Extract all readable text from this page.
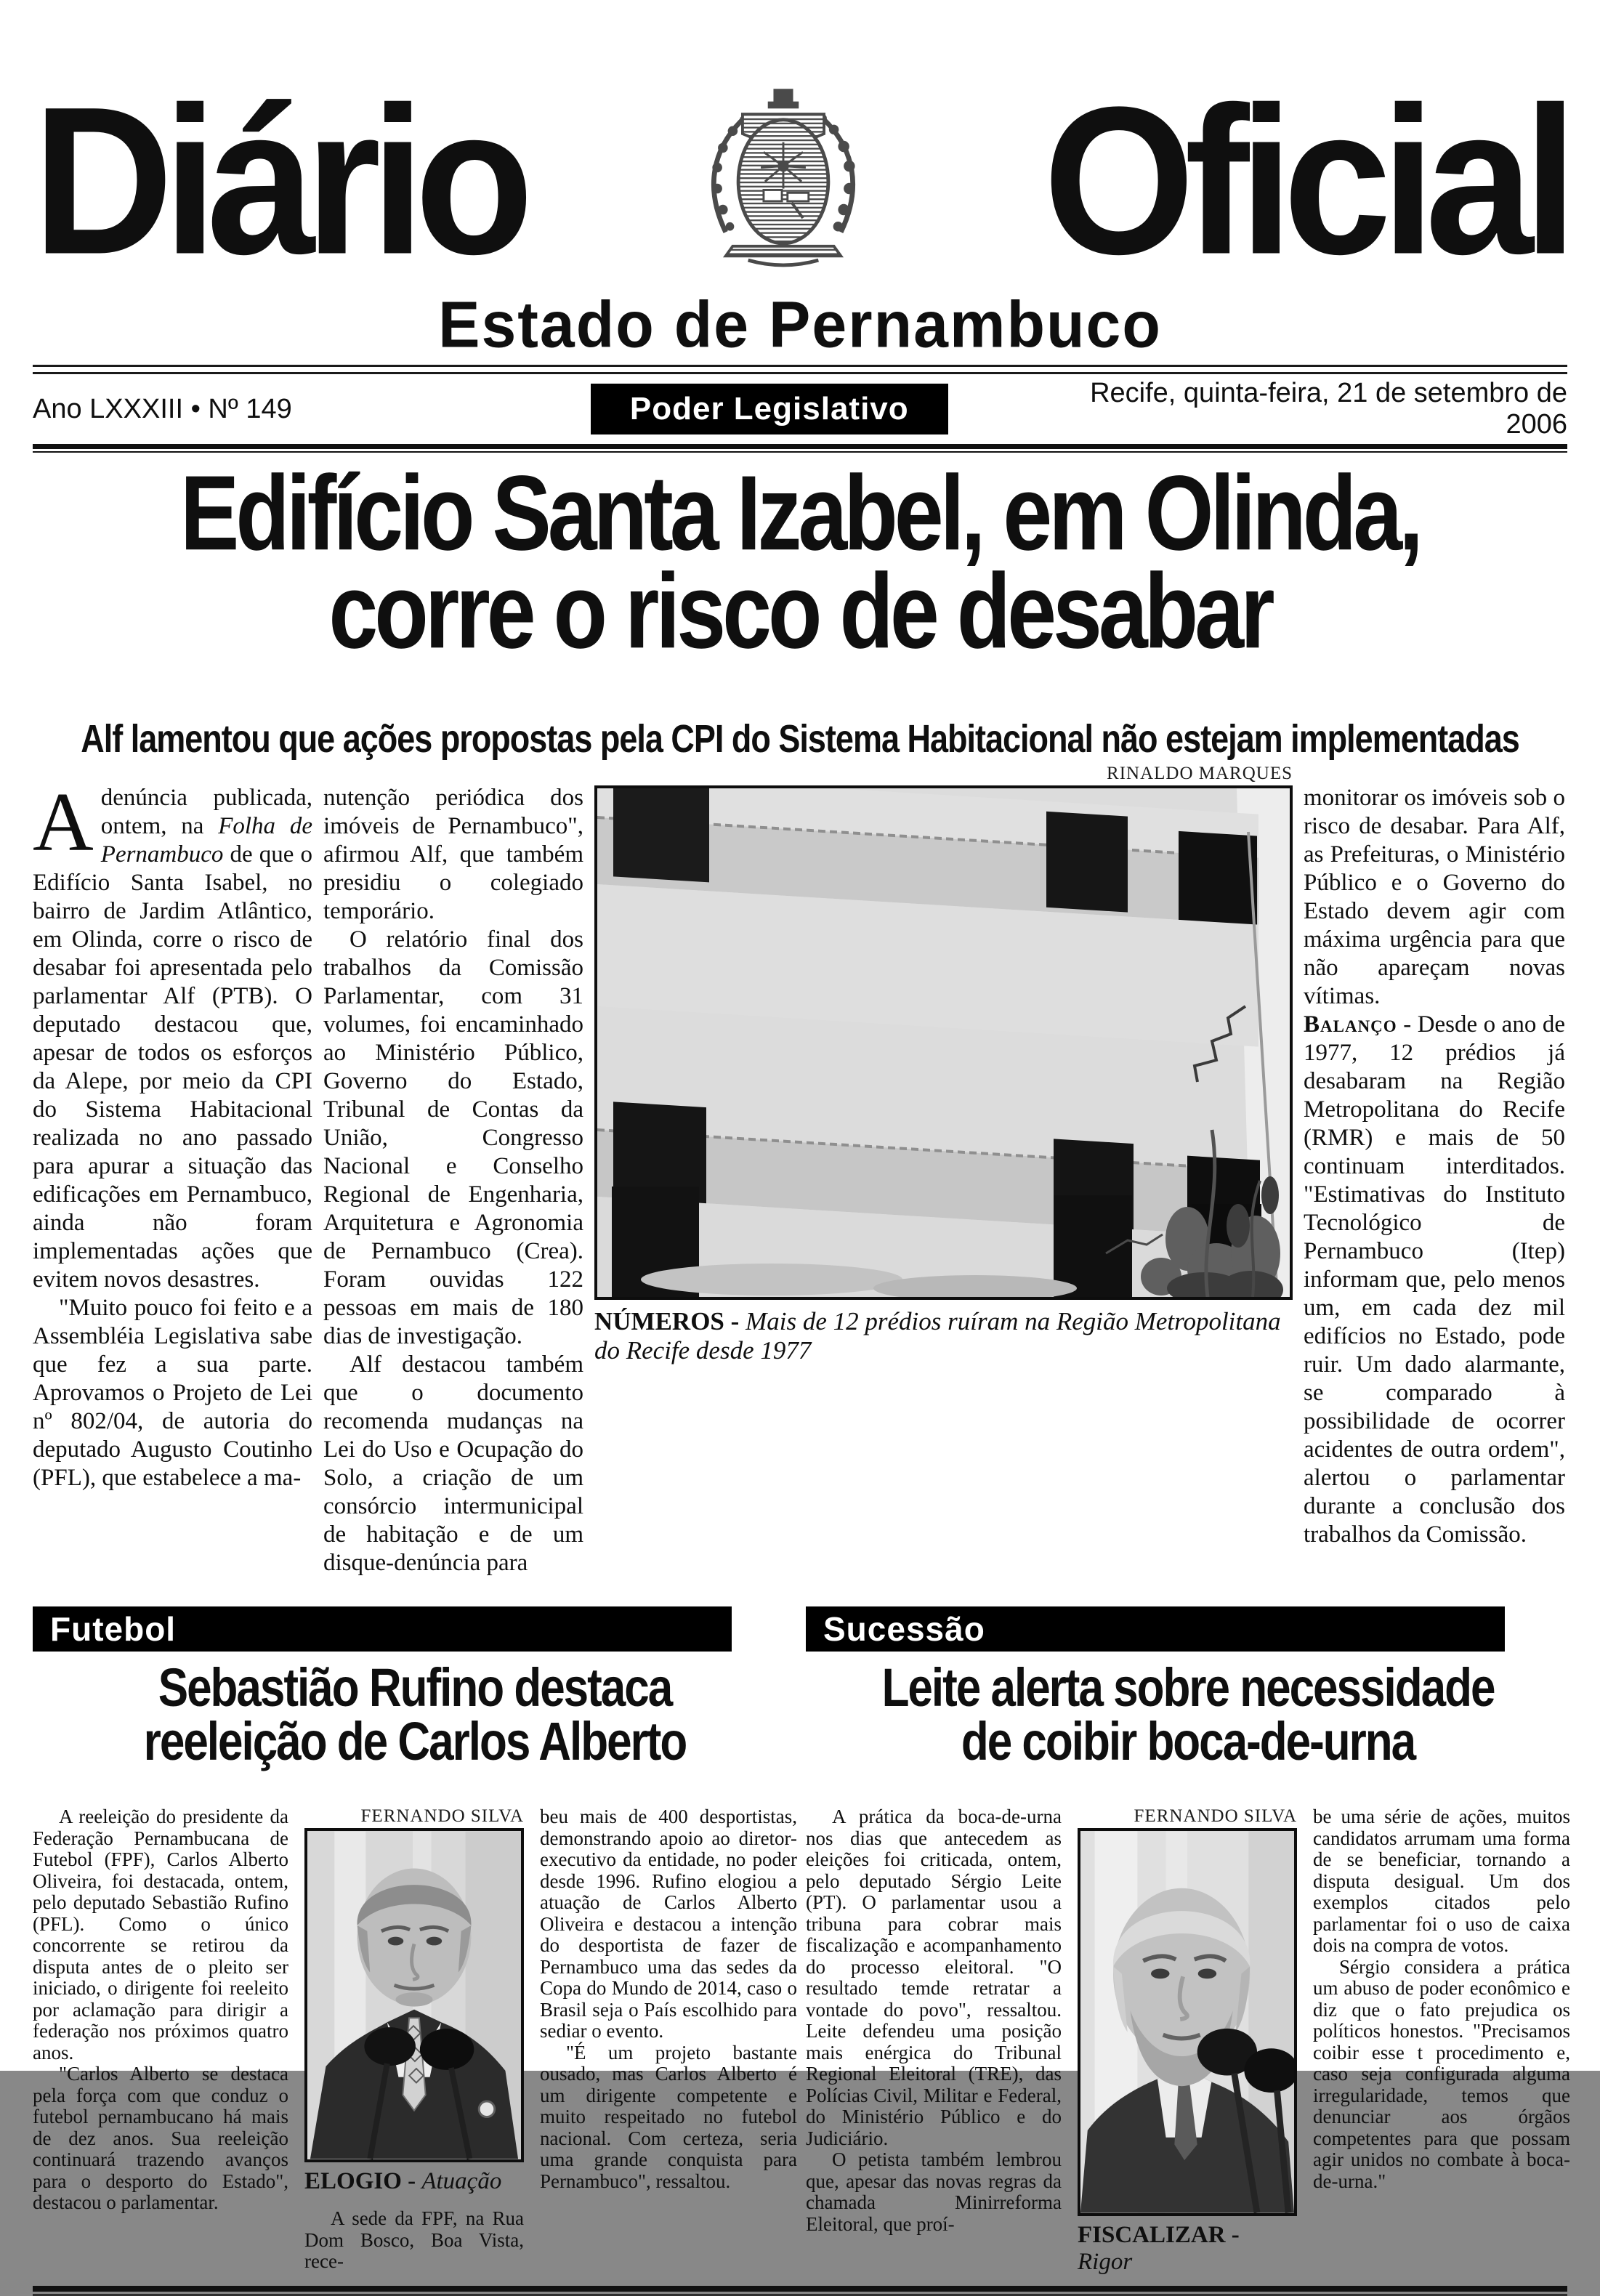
Diário	Oficial
Estado de Pernambuco
Ano LXXXIII • Nº 149	Poder Legislativo	Recife, quinta-feira, 21 de setembro de 2006
Edifício Santa Izabel, em Olinda,
corre o risco de desabar
Alf lamentou que ações propostas pela CPI do Sistema Habitacional não estejam implementadas

Adenúncia publicada, ontem, na Folha de Pernambuco de que o Edifício Santa Isabel, no bairro de Jardim Atlântico, em Olinda, corre o risco de desabar foi apresentada pelo parlamentar Alf (PTB). O deputado destacou que, apesar de todos os esforços da Alepe, por meio da CPI do Sistema Habitacional realizada no ano passado para apurar a situação das edificações em Pernambuco, ainda não foram implementadas ações que evitem novos desastres.

"Muito pouco foi feito e a Assembléia Legislativa sabe que fez a sua parte. Aprovamos o Projeto de Lei nº 802/04, de autoria do deputado Augusto Coutinho (PFL), que estabelece a ma-

nutenção periódica dos imóveis de Pernambuco", afirmou Alf, que também presidiu o colegiado temporário.

O relatório final dos trabalhos da Comissão Parlamentar, com 31 volumes, foi encaminhado ao Ministério Público, Governo do Estado, Tribunal de Contas da União, Congresso Nacional e Conselho Regional de Engenharia, Arquitetura e Agronomia de Pernambuco (Crea). Foram ouvidas 122 pessoas em mais de 180 dias de investigação.

Alf destacou também que o documento recomenda mudanças na Lei do Uso e Ocupação do Solo, a criação de um consórcio intermunicipal de habitação e de um disque-denúncia para

RINALDO MARQUES
NÚMEROS - Mais de 12 prédios ruíram na Região Metropolitana do Recife desde 1977

monitorar os imóveis sob o risco de desabar. Para Alf, as Prefeituras, o Ministério Público e o Governo do Estado devem agir com máxima urgência para que não apareçam novas vítimas.

Balanço - Desde o ano de 1977, 12 prédios já desabaram na Região Metropolitana do Recife (RMR) e mais de 50 continuam interditados. "Estimativas do Instituto Tecnológico de Pernambuco (Itep) informam que, pelo menos um, em cada dez mil edifícios no Estado, pode ruir. Um dado alarmante, se comparado à possibilidade de ocorrer acidentes de outra ordem", alertou o parlamentar durante a conclusão dos trabalhos da Comissão.

Futebol
Sebastião Rufino destaca
reeleição de Carlos Alberto

A reeleição do presidente da Federação Pernambucana de Futebol (FPF), Carlos Alberto Oliveira, foi destacada, ontem, pelo deputado Sebastião Rufino (PFL). Como o único concorrente se retirou da disputa antes de o pleito ser iniciado, o dirigente foi reeleito por aclamação para dirigir a federação nos próximos quatro anos.

"Carlos Alberto se destaca pela força com que conduz o futebol pernambucano há mais de dez anos. Sua reeleição continuará trazendo avanços para o desporto do Estado", destacou o parlamentar.

FERNANDO SILVA
ELOGIO - Atuação

A sede da FPF, na Rua Dom Bosco, Boa Vista, rece-

beu mais de 400 desportistas, demonstrando apoio ao diretor-executivo da entidade, no poder desde 1996. Rufino elogiou a atuação de Carlos Alberto Oliveira e destacou a intenção do desportista de fazer de Pernambuco uma das sedes da Copa do Mundo de 2014, caso o Brasil seja o País escolhido para sediar o evento.

"É um projeto bastante ousado, mas Carlos Alberto é um dirigente competente e muito respeitado no futebol nacional. Com certeza, seria uma grande conquista para Pernambuco", ressaltou.

Sucessão
Leite alerta sobre necessidade
de coibir boca-de-urna

A prática da boca-de-urna nos dias que antecedem as eleições foi criticada, ontem, pelo deputado Sérgio Leite (PT). O parlamentar usou a tribuna para cobrar mais fiscalização e acompanhamento do processo eleitoral. "O resultado temde retratar a vontade do povo", ressaltou. Leite defendeu uma posição mais enérgica do Tribunal Regional Eleitoral (TRE), das Polícias Civil, Militar e Federal, do Ministério Público e do Judiciário.

O petista também lembrou que, apesar das novas regras da chamada Minirreforma Eleitoral, que proí-

FERNANDO SILVA
FISCALIZAR - Rigor

be uma série de ações, muitos candidatos arrumam uma forma de se beneficiar, tornando a disputa desigual. Um dos exemplos citados pelo parlamentar foi o uso de caixa dois na compra de votos.

Sérgio considera a prática um abuso de poder econômico e diz que o fato prejudica os políticos honestos. "Precisamos coibir esse t procedimento e, caso seja configurada alguma irregularidade, temos que denunciar aos órgãos competentes para que possam agir unidos no combate à boca-de-urna."
